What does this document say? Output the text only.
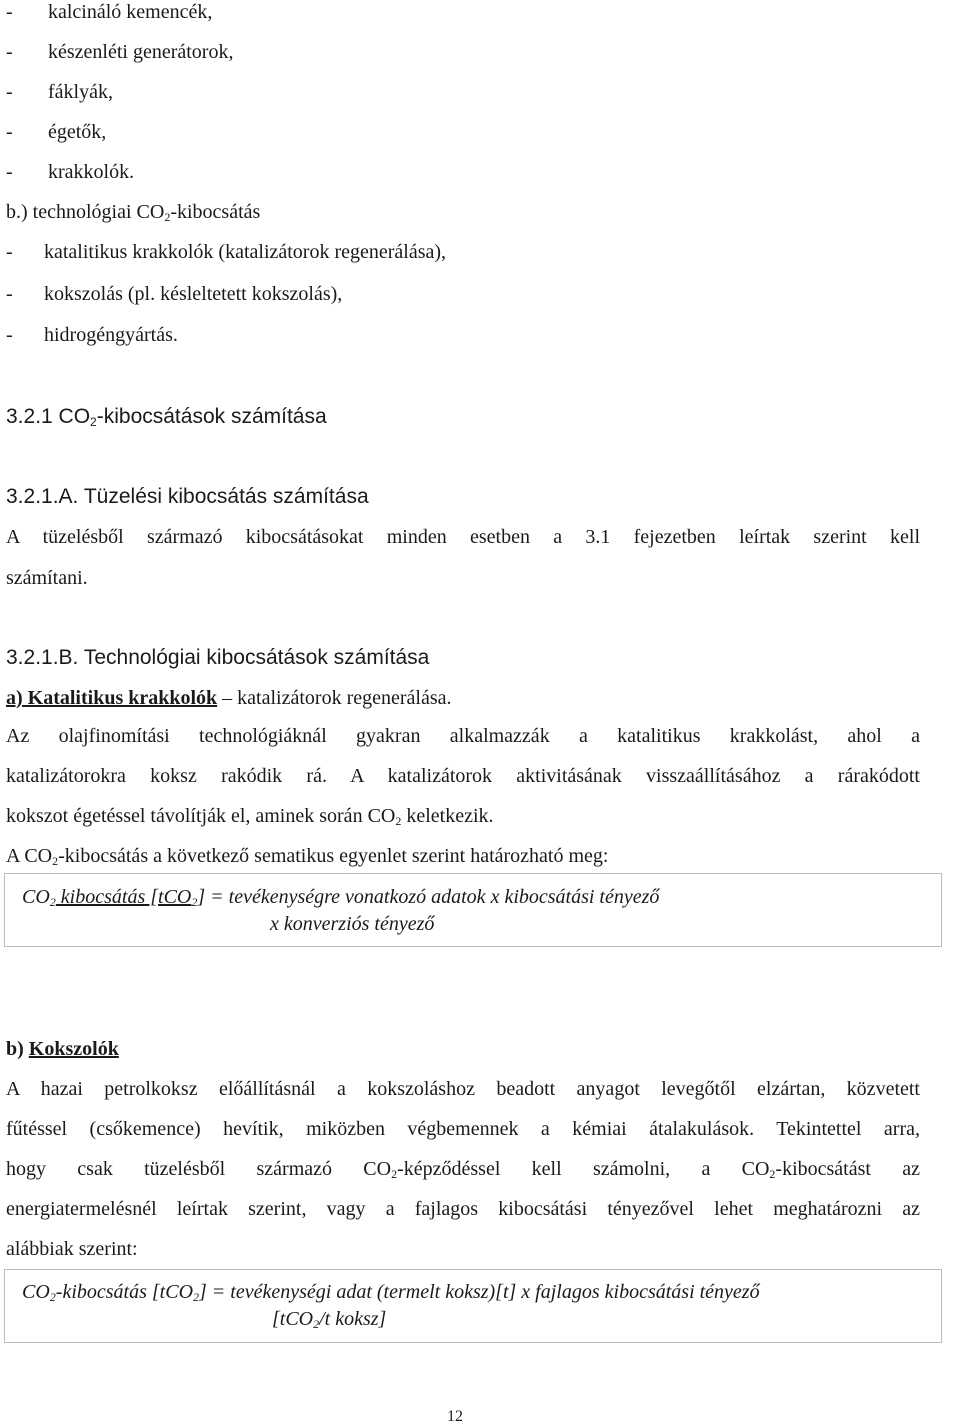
- kalcináló kemencék,
- készenléti generátorok,
- fáklyák,
- égetők,
- krakkolók.
b.) technológiai $CO_2$-kibocsátás
- katalitikus krakkolók (katalizátorok regenerálása),
- kokszolás (pl. késleltetett kokszolás),
- hidrogéngyártás.
3.2.1 $CO_2$-kibocsátások számítása
3.2.1.A. Tüzelési kibocsátás számítása
A tüzelésből származó kibocsátásokat minden esetben a 3.1 fejezetben leírtak szerint kell
számítani.
3.2.1.B. Technológiai kibocsátások számítása
a) Katalitikus krakkolók – katalizátorok regenerálása.
Az olajfinomítási technológiáknál gyakran alkalmazzák a katalitikus krakkolást, ahol a
katalizátorokra koksz rakódik rá. A katalizátorok aktivitásának visszaállításához a rárakódott
kokszot égetéssel távolítják el, aminek során $CO_2$ keletkezik.
A $CO_2$-kibocsátás a következő sematikus egyenlet szerint határozható meg:
$CO_2$ kibocsátás [tCO$_2$] = tevékenységre vonatkozó adatok x kibocsátási tényező
x konverziós tényező
b) Kokszolók
A hazai petrolkoksz előállításnál a kokszoláshoz beadott anyagot levegőtől elzártan, közvetett
fűtéssel (csőkemence) hevítik, miközben végbemennek a kémiai átalakulások. Tekintettel arra,
hogy csak tüzelésből származó $CO_2$-képződéssel kell számolni, a $CO_2$-kibocsátást az
energiatermelésnél leírtak szerint, vagy a fajlagos kibocsátási tényezővel lehet meghatározni az
alábbiak szerint:
$CO_2$-kibocsátás [tCO$_2$] = tevékenységi adat (termelt koksz)[t] x fajlagos kibocsátási tényező
[tCO$_2$/t koksz]
12
